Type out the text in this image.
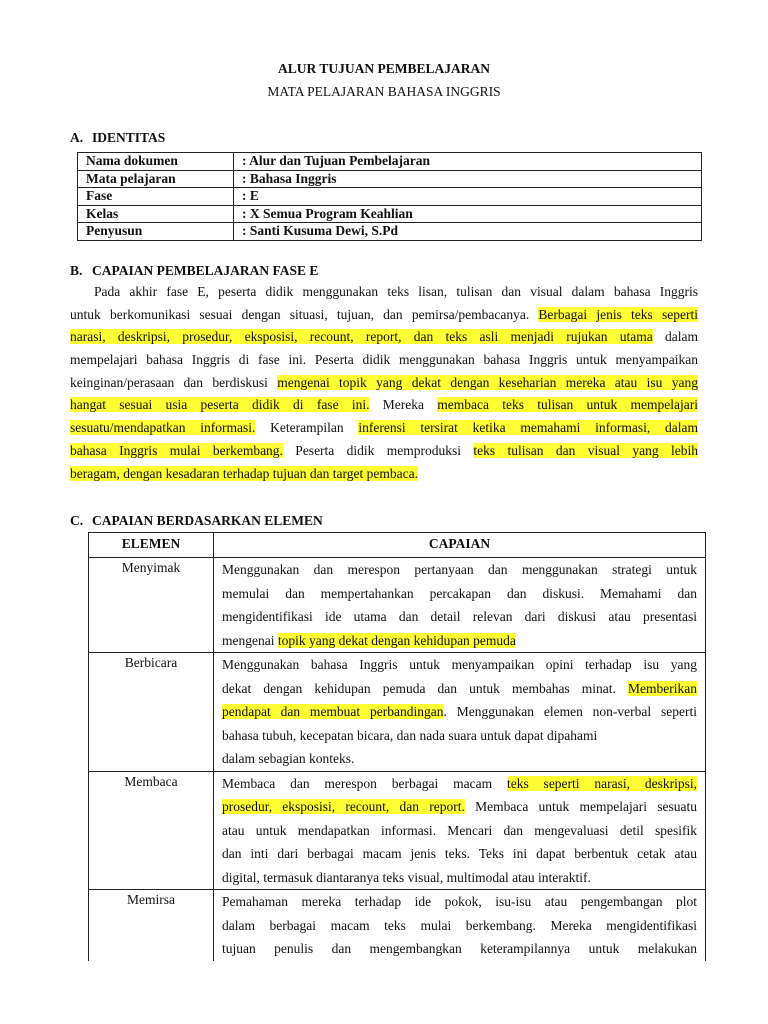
ALUR TUJUAN PEMBELAJARAN
MATA PELAJARAN BAHASA INGGRIS
A. IDENTITAS
Nama dokumen	: Alur dan Tujuan Pembelajaran
Mata pelajaran	: Bahasa Inggris
Fase	: E
Kelas	: X Semua Program Keahlian
Penyusun	: Santi Kusuma Dewi, S.Pd
B. CAPAIAN PEMBELAJARAN FASE E
Pada akhir fase E, peserta didik menggunakan teks lisan, tulisan dan visual dalam bahasa Inggris
untuk berkomunikasi sesuai dengan situasi, tujuan, dan pemirsa/pembacanya. Berbagai jenis teks seperti
narasi, deskripsi, prosedur, eksposisi, recount, report, dan teks asli menjadi rujukan utama dalam
mempelajari bahasa Inggris di fase ini. Peserta didik menggunakan bahasa Inggris untuk menyampaikan
keinginan/perasaan dan berdiskusi mengenai topik yang dekat dengan keseharian mereka atau isu yang
hangat sesuai usia peserta didik di fase ini. Mereka membaca teks tulisan untuk mempelajari
sesuatu/mendapatkan informasi. Keterampilan inferensi tersirat ketika memahami informasi, dalam
bahasa Inggris mulai berkembang. Peserta didik memproduksi teks tulisan dan visual yang lebih
beragam, dengan kesadaran terhadap tujuan dan target pembaca.
C. CAPAIAN BERDASARKAN ELEMEN
ELEMEN	CAPAIAN
Menyimak	Menggunakan dan merespon pertanyaan dan menggunakan strategi untuk
memulai dan mempertahankan percakapan dan diskusi. Memahami dan
mengidentifikasi ide utama dan detail relevan dari diskusi atau presentasi
mengenai topik yang dekat dengan kehidupan pemuda

Berbicara	Menggunakan bahasa Inggris untuk menyampaikan opini terhadap isu yang
dekat dengan kehidupan pemuda dan untuk membahas minat. Memberikan
pendapat dan membuat perbandingan. Menggunakan elemen non-verbal seperti
bahasa tubuh, kecepatan bicara, dan nada suara untuk dapat dipahami
dalam sebagian konteks.

Membaca	Membaca dan merespon berbagai macam teks seperti narasi, deskripsi,
prosedur, eksposisi, recount, dan report. Membaca untuk mempelajari sesuatu
atau untuk mendapatkan informasi. Mencari dan mengevaluasi detil spesifik
dan inti dari berbagai macam jenis teks. Teks ini dapat berbentuk cetak atau
digital, termasuk diantaranya teks visual, multimodal atau interaktif.

Memirsa	Pemahaman mereka terhadap ide pokok, isu-isu atau pengembangan plot
dalam berbagai macam teks mulai berkembang. Mereka mengidentifikasi
tujuan penulis dan mengembangkan keterampilannya untuk melakukan
